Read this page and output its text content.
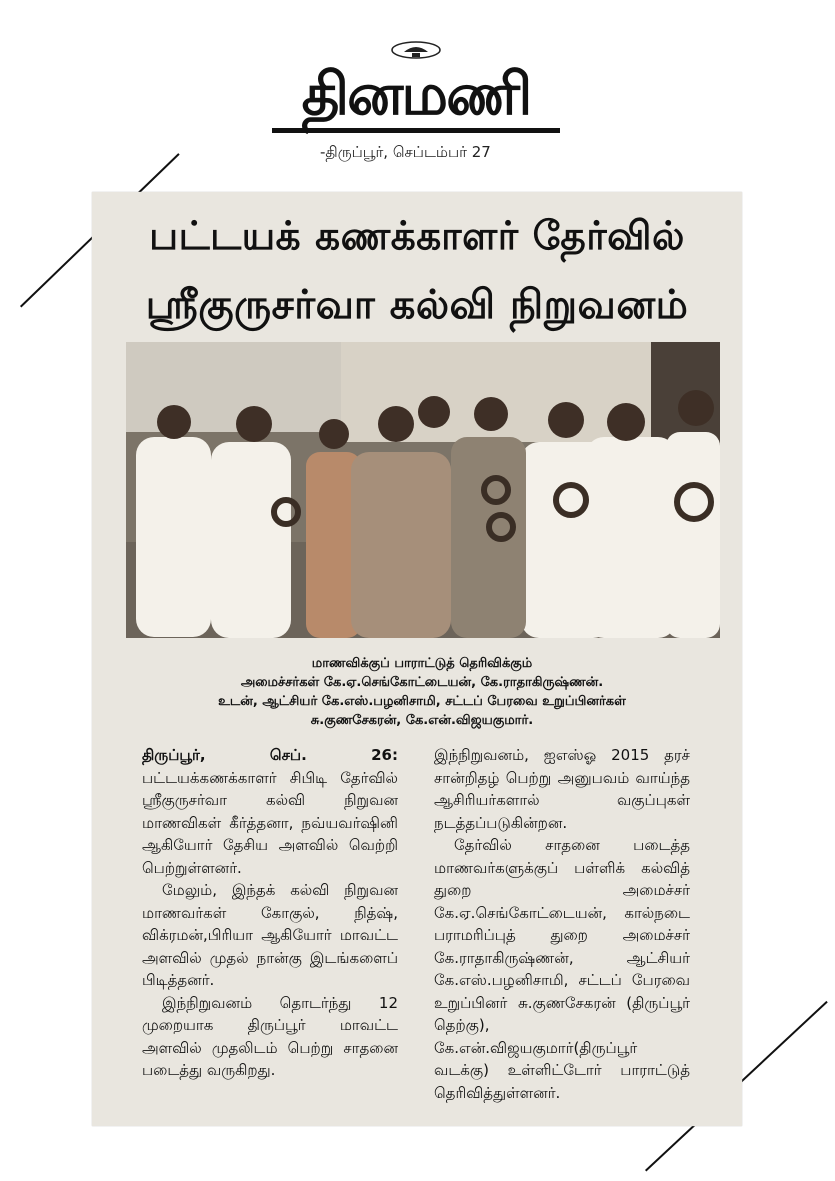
தினமணி
-திருப்பூர், செப்டம்பர் 27
பட்டயக் கணக்காளர் தேர்வில்
ஸ்ரீகுருசர்வா கல்வி நிறுவனம்
மாணவிக்குப் பாராட்டுத் தெரிவிக்கும்
அமைச்சர்கள் கே.ஏ.செங்கோட்டையன், கே.ராதாகிருஷ்ணன்.
உடன், ஆட்சியர் கே.எஸ்.பழனிசாமி, சட்டப் பேரவை உறுப்பினர்கள்
சு.குணசேகரன், கே.என்.விஜயகுமார்.

திருப்பூர், செப். 26: பட்டயக்கணக்காளர் சிபிடி தேர்வில் ஸ்ரீகுருசர்வா கல்வி நிறுவன மாணவிகள் கீர்த்தனா, நவ்யவர்ஷினி ஆகியோர் தேசிய அளவில் வெற்றி பெற்றுள்ளனர்.

மேலும், இந்தக் கல்வி நிறுவன மாணவர்கள் கோகுல், நித்ஷ், விக்ரமன்,பிரியா ஆகியோர் மாவட்ட அளவில் முதல் நான்கு இடங்களைப் பிடித்தனர்.

இந்நிறுவனம் தொடர்ந்து 12 முறையாக திருப்பூர் மாவட்ட அளவில் முதலிடம் பெற்று சாதனை படைத்து வருகிறது.

இந்நிறுவனம், ஐஎஸ்ஓ 2015 தரச் சான்றிதழ் பெற்று அனுபவம் வாய்ந்த ஆசிரியர்களால் வகுப்புகள் நடத்தப்படுகின்றன.

தேர்வில் சாதனை படைத்த மாணவர்களுக்குப் பள்ளிக் கல்வித் துறை அமைச்சர் கே.ஏ.செங்கோட்டையன், கால்நடை பராமரிப்புத் துறை அமைச்சர் கே.ராதாகிருஷ்ணன், ஆட்சியர் கே.எஸ்.பழனிசாமி, சட்டப் பேரவை உறுப்பினர் சு.குணசேகரன் (திருப்பூர் தெற்கு), கே.என்.விஜயகுமார்(திருப்பூர் வடக்கு) உள்ளிட்டோர் பாராட்டுத் தெரிவித்துள்ளனர்.
